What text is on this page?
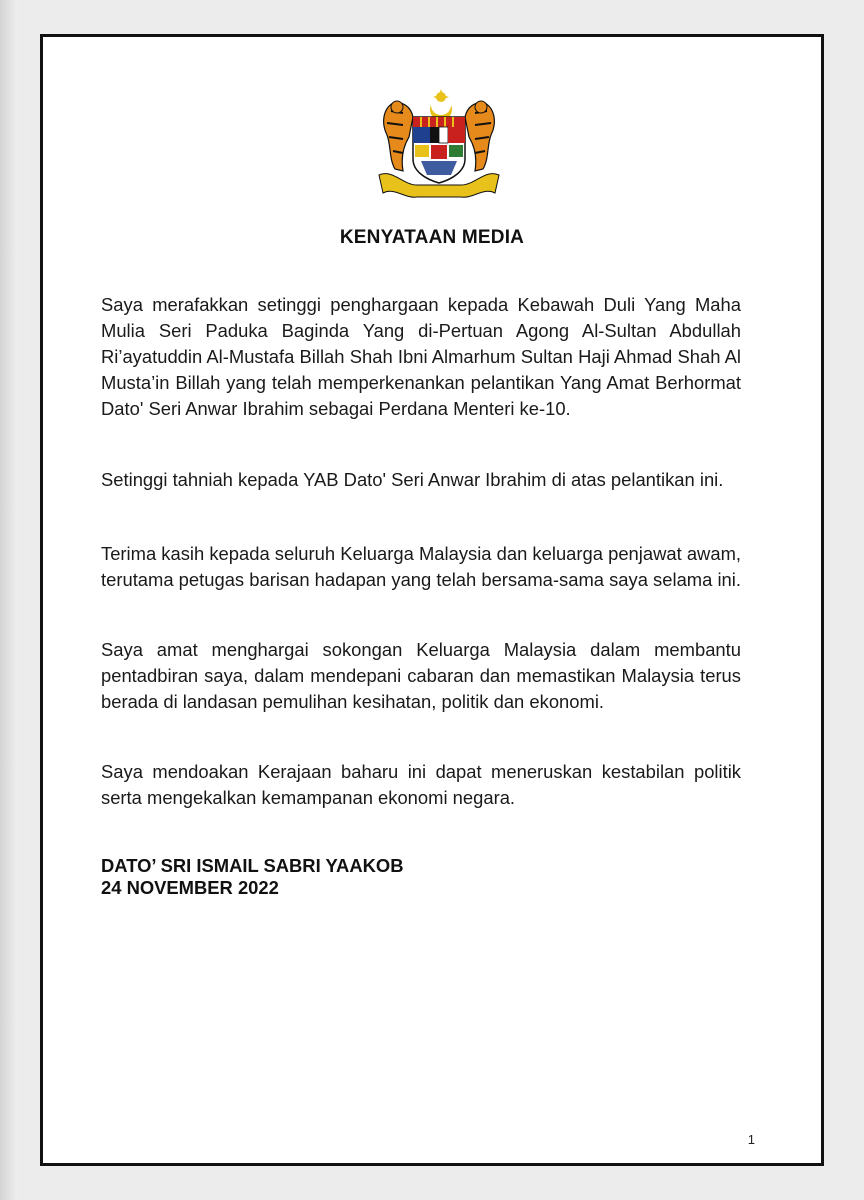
KENYATAAN MEDIA

Saya merafakkan setinggi penghargaan kepada Kebawah Duli Yang Maha Mulia Seri Paduka Baginda Yang di-Pertuan Agong Al-Sultan Abdullah Ri’ayatuddin Al-Mustafa Billah Shah Ibni Almarhum Sultan Haji Ahmad Shah Al Musta’in Billah yang telah memperkenankan pelantikan Yang Amat Berhormat Dato' Seri Anwar Ibrahim sebagai Perdana Menteri ke-10.

Setinggi tahniah kepada YAB Dato' Seri Anwar Ibrahim di atas pelantikan ini.

Terima kasih kepada seluruh Keluarga Malaysia dan keluarga penjawat awam, terutama petugas barisan hadapan yang telah bersama-sama saya selama ini.

Saya amat menghargai sokongan Keluarga Malaysia dalam membantu pentadbiran saya, dalam mendepani cabaran dan memastikan Malaysia terus berada di landasan pemulihan kesihatan, politik dan ekonomi.

Saya mendoakan Kerajaan baharu ini dapat meneruskan kestabilan politik serta mengekalkan kemampanan ekonomi negara.

DATO’ SRI ISMAIL SABRI YAAKOB
24 NOVEMBER 2022
1
